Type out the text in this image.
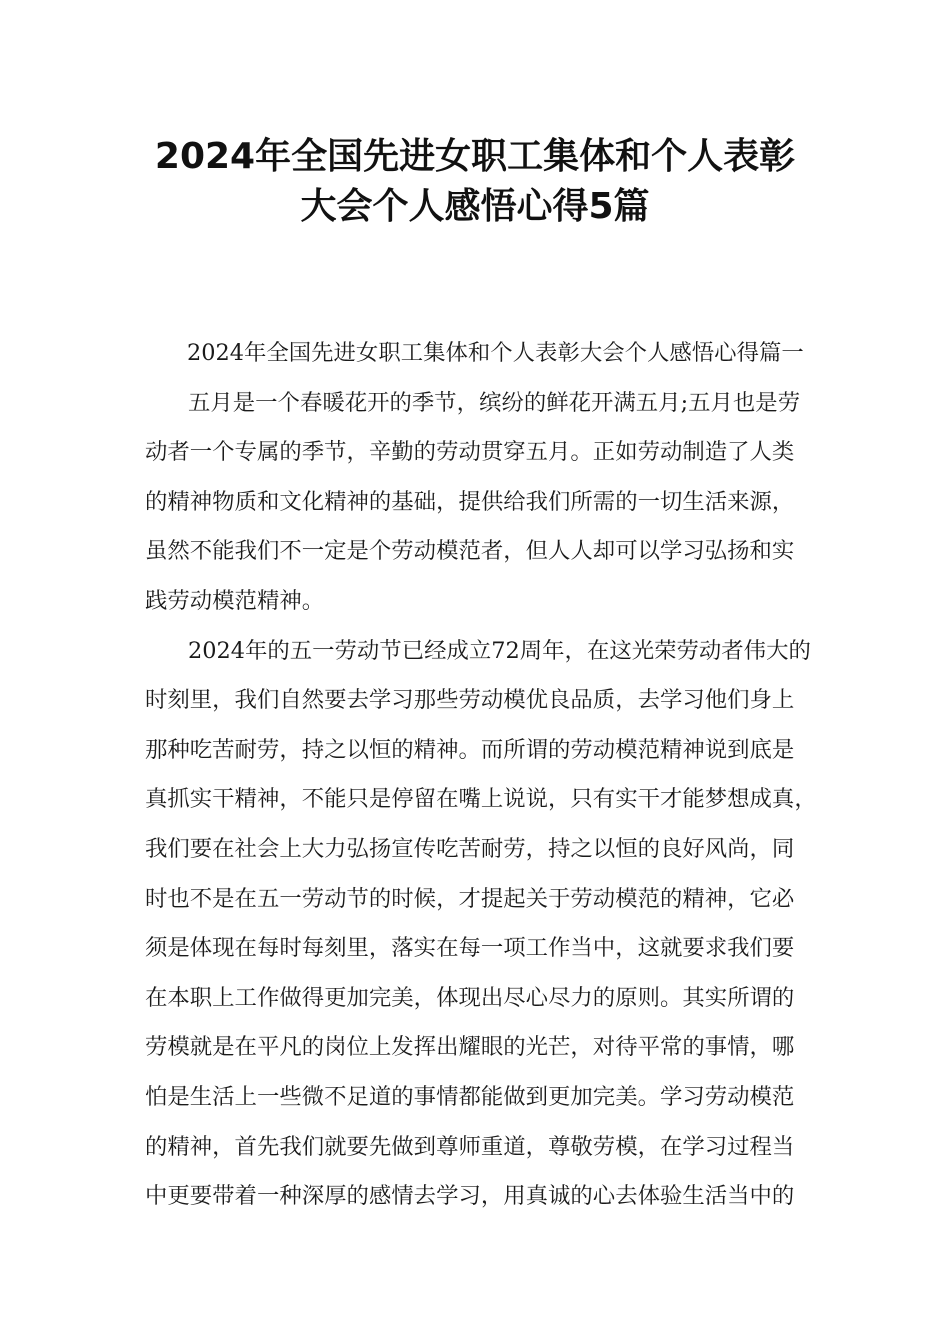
2024年全国先进女职工集体和个人表彰
大会个人感悟心得5篇

2024年全国先进女职工集体和个人表彰大会个人感悟心得篇一

五月是一个春暖花开的季节，缤纷的鲜花开满五月;五月也是劳
动者一个专属的季节，辛勤的劳动贯穿五月。正如劳动制造了人类
的精神物质和文化精神的基础，提供给我们所需的一切生活来源，
虽然不能我们不一定是个劳动模范者，但人人却可以学习弘扬和实
践劳动模范精神。

2024年的五一劳动节已经成立72周年，在这光荣劳动者伟大的
时刻里，我们自然要去学习那些劳动模优良品质，去学习他们身上
那种吃苦耐劳，持之以恒的精神。而所谓的劳动模范精神说到底是
真抓实干精神，不能只是停留在嘴上说说，只有实干才能梦想成真，
我们要在社会上大力弘扬宣传吃苦耐劳，持之以恒的良好风尚，同
时也不是在五一劳动节的时候，才提起关于劳动模范的精神，它必
须是体现在每时每刻里，落实在每一项工作当中，这就要求我们要
在本职上工作做得更加完美，体现出尽心尽力的原则。其实所谓的
劳模就是在平凡的岗位上发挥出耀眼的光芒，对待平常的事情，哪
怕是生活上一些微不足道的事情都能做到更加完美。学习劳动模范
的精神，首先我们就要先做到尊师重道，尊敬劳模，在学习过程当
中更要带着一种深厚的感情去学习，用真诚的心去体验生活当中的
